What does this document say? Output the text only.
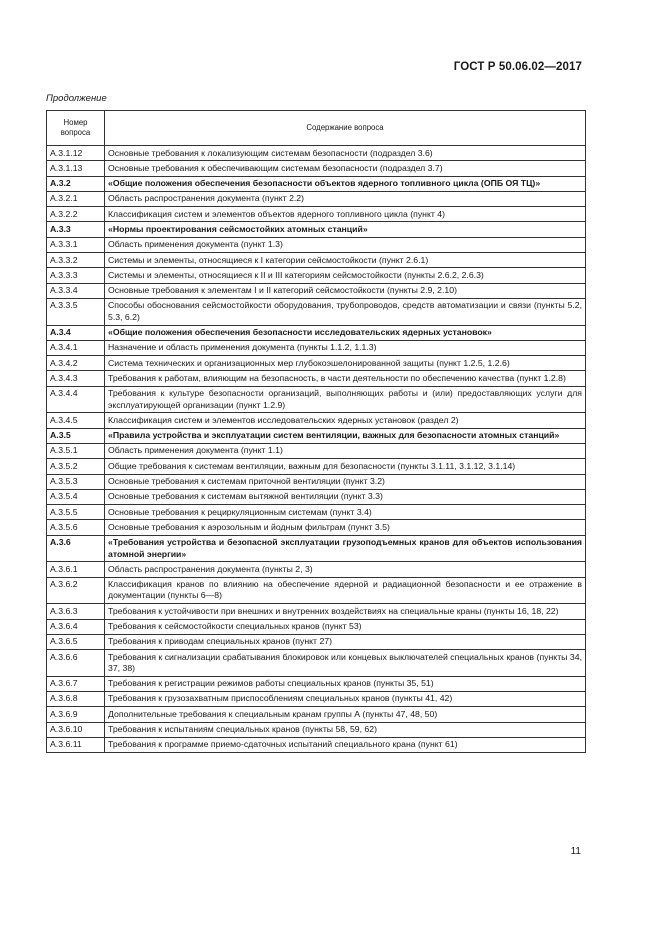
ГОСТ Р 50.06.02—2017
Продолжение
Номер вопроса	Содержание вопроса
А.3.1.12	Основные требования к локализующим системам безопасности (подраздел 3.6)
А.3.1.13	Основные требования к обеспечивающим системам безопасности (подраздел 3.7)
А.3.2	«Общие положения обеспечения безопасности объектов ядерного топливного цикла (ОПБ ОЯ ТЦ)»
А.3.2.1	Область распространения документа (пункт 2.2)
А.3.2.2	Классификация систем и элементов объектов ядерного топливного цикла (пункт 4)
А.3.3	«Нормы проектирования сейсмостойких атомных станций»
А.3.3.1	Область применения документа (пункт 1.3)
А.3.3.2	Системы и элементы, относящиеся к I категории сейсмостойкости (пункт 2.6.1)
А.3.3.3	Системы и элементы, относящиеся к II и III категориям сейсмостойкости (пункты 2.6.2, 2.6.3)
А.3.3.4	Основные требования к элементам I и II категорий сейсмостойкости (пункты 2.9, 2.10)
А.3.3.5	Способы обоснования сейсмостойкости оборудования, трубопроводов, средств автоматизации и связи (пункты 5.2, 5.3, 6.2)
А.3.4	«Общие положения обеспечения безопасности исследовательских ядерных установок»
А.3.4.1	Назначение и область применения документа (пункты 1.1.2, 1.1.3)
А.3.4.2	Система технических и организационных мер глубокоэшелонированной защиты (пункт 1.2.5, 1.2.6)
А.3.4.3	Требования к работам, влияющим на безопасность, в части деятельности по обеспечению качества (пункт 1.2.8)
А.3.4.4	Требования к культуре безопасности организаций, выполняющих работы и (или) предоставляющих услуги для эксплуатирующей организации (пункт 1.2.9)
А.3.4.5	Классификация систем и элементов исследовательских ядерных установок (раздел 2)
А.3.5	«Правила устройства и эксплуатации систем вентиляции, важных для безопасности атомных станций»
А.3.5.1	Область применения документа (пункт 1.1)
А.3.5.2	Общие требования к системам вентиляции, важным для безопасности (пункты 3.1.11, 3.1.12, 3.1.14)
А.3.5.3	Основные требования к системам приточной вентиляции (пункт 3.2)
А.3.5.4	Основные требования к системам вытяжной вентиляции (пункт 3.3)
А.3.5.5	Основные требования к рециркуляционным системам (пункт 3.4)
А.3.5.6	Основные требования к аэрозольным и йодным фильтрам (пункт 3.5)
А.3.6	«Требования устройства и безопасной эксплуатации грузоподъемных кранов для объектов использования атомной энергии»
А.3.6.1	Область распространения документа (пункты 2, 3)
А.3.6.2	Классификация кранов по влиянию на обеспечение ядерной и радиационной безопасности и ее отражение в документации (пункты 6—8)
А.3.6.3	Требования к устойчивости при внешних и внутренних воздействиях на специальные краны (пункты 16, 18, 22)
А.3.6.4	Требования к сейсмостойкости специальных кранов (пункт 53)
А.3.6.5	Требования к приводам специальных кранов (пункт 27)
А.3.6.6	Требования к сигнализации срабатывания блокировок или концевых выключателей специальных кранов (пункты 34, 37, 38)
А.3.6.7	Требования к регистрации режимов работы специальных кранов (пункты 35, 51)
А.3.6.8	Требования к грузозахватным приспособлениям специальных кранов (пункты 41, 42)
А.3.6.9	Дополнительные требования к специальным кранам группы А (пункты 47, 48, 50)
А.3.6.10	Требования к испытаниям специальных кранов (пункты 58, 59, 62)
А.3.6.11	Требования к программе приемо-сдаточных испытаний специального крана (пункт 61)
11
